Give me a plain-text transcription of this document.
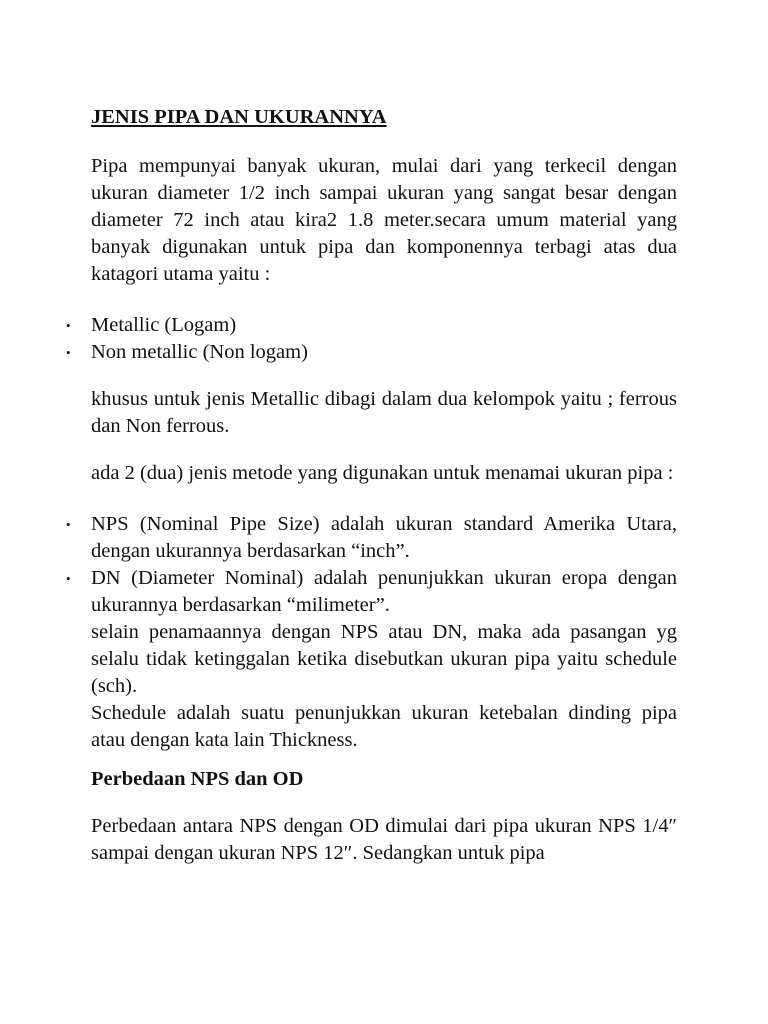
JENIS PIPA DAN UKURANNYA

Pipa mempunyai banyak ukuran, mulai dari yang terkecil dengan ukuran diameter 1/2 inch sampai ukuran yang sangat besar dengan diameter 72 inch atau kira2 1.8 meter.secara umum material yang banyak digunakan untuk pipa dan komponennya terbagi atas dua katagori utama yaitu :

• Metallic (Logam)
• Non metallic (Non logam)

khusus untuk jenis Metallic dibagi dalam dua kelompok yaitu ; ferrous dan Non ferrous.

ada 2 (dua) jenis metode yang digunakan untuk menamai ukuran pipa :

• NPS (Nominal Pipe Size) adalah ukuran standard Amerika Utara, dengan ukurannya berdasarkan “inch”.
• DN (Diameter Nominal) adalah penunjukkan ukuran eropa dengan ukurannya berdasarkan “milimeter”.

selain penamaannya dengan NPS atau DN, maka ada pasangan yg selalu tidak ketinggalan ketika disebutkan ukuran pipa yaitu schedule (sch).

Schedule adalah suatu penunjukkan ukuran ketebalan dinding pipa atau dengan kata lain Thickness.

Perbedaan NPS dan OD

Perbedaan antara NPS dengan OD dimulai dari pipa ukuran NPS 1/4″ sampai dengan ukuran NPS 12″. Sedangkan untuk pipa
